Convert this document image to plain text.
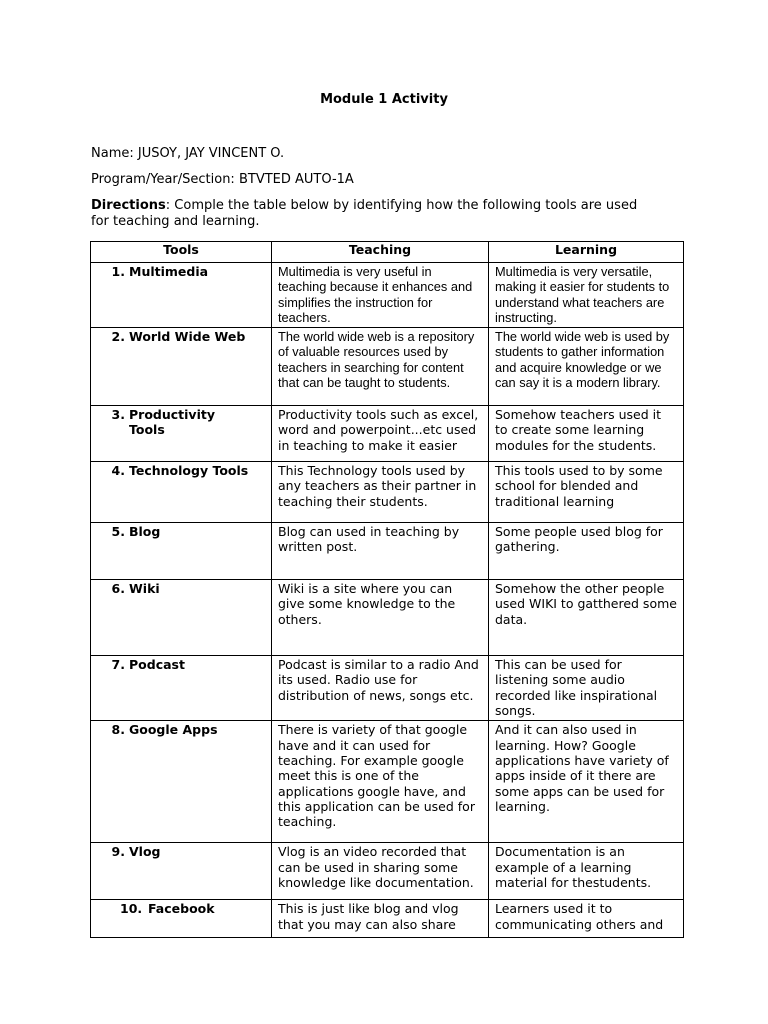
Module 1 Activity
Name: JUSOY, JAY VINCENT O.
Program/Year/Section: BTVTED AUTO-1A
Directions: Comple the table below by identifying how the following tools are used for teaching and learning.
Tools	Teaching	Learning
1. Multimedia	Multimedia is very useful in teaching because it enhances and simplifies the instruction for teachers.	Multimedia is very versatile, making it easier for students to understand what teachers are instructing.
2. World Wide Web	The world wide web is a repository of valuable resources used by teachers in searching for content that can be taught to students.	The world wide web is used by students to gather information and acquire knowledge or we can say it is a modern library.
3. Productivity Tools	Productivity tools such as excel, word and powerpoint...etc used in teaching to make it easier	Somehow teachers used it to create some learning modules for the students.
4. Technology Tools	This Technology tools used by any teachers as their partner in teaching their students.	This tools used to by some school for blended and traditional learning
5. Blog	Blog can used in teaching by written post.	Some people used blog for gathering.
6. Wiki	Wiki is a site where you can give some knowledge to the others.	Somehow the other people used WIKI to gatthered some data.
7. Podcast	Podcast is similar to a radio And its used. Radio use for distribution of news, songs etc.	This can be used for listening some audio recorded like inspirational songs.
8. Google Apps	There is variety of that google have and it can used for teaching. For example google meet this is one of the applications google have, and this application can be used for teaching.	And it can also used in learning. How? Google applications have variety of apps inside of it there are some apps can be used for learning.
9. Vlog	Vlog is an video recorded that can be used in sharing some knowledge like documentation.	Documentation is an example of a learning material for thestudents.
10. Facebook	This is just like blog and vlog that you may can also share	Learners used it to communicating others and
